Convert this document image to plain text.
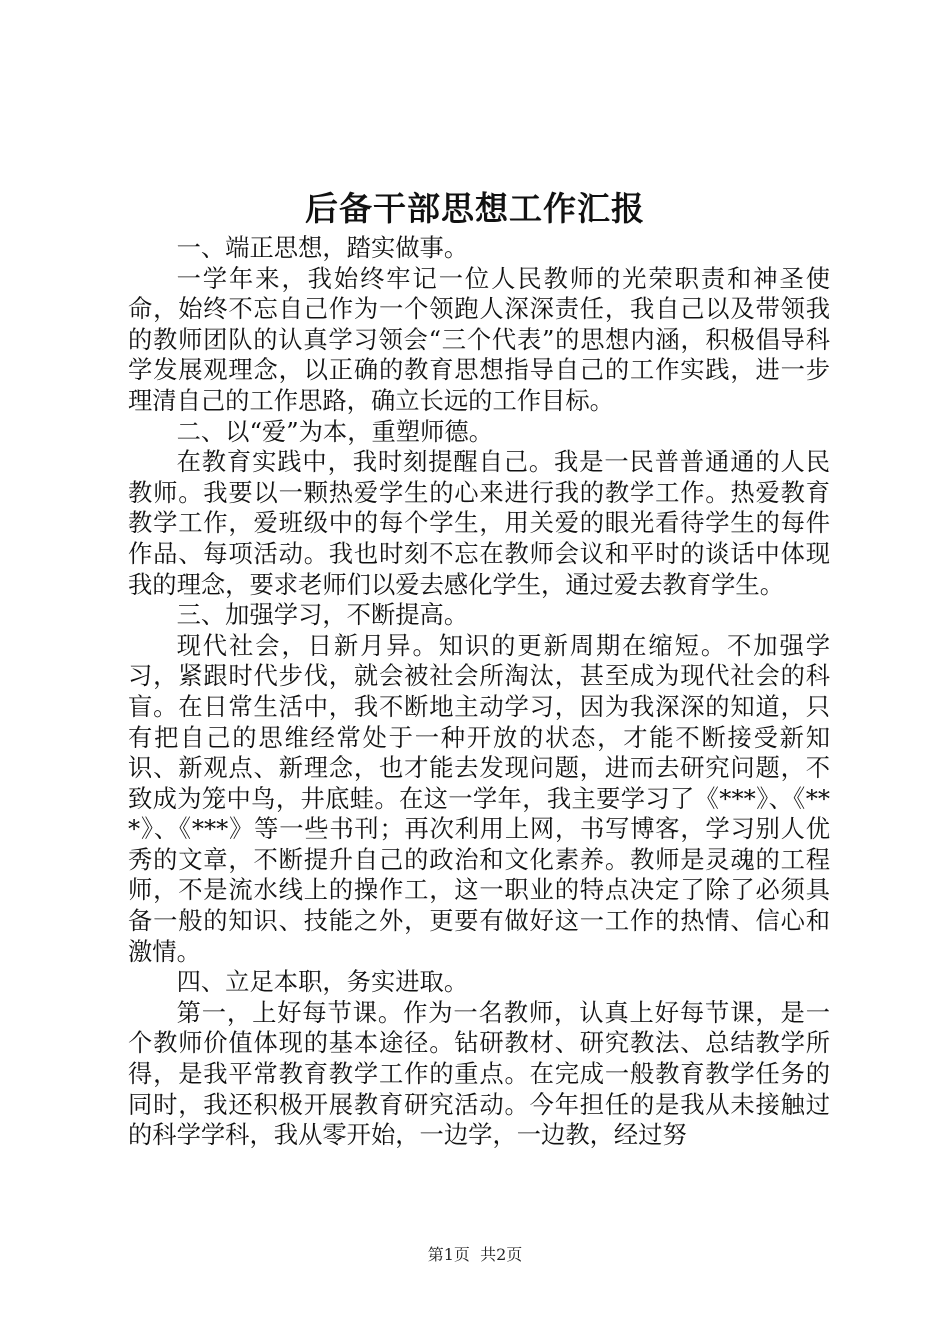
后备干部思想工作汇报

一、端正思想，踏实做事。

一学年来，我始终牢记一位人民教师的光荣职责和神圣使命，始终不忘自己作为一个领跑人深深责任，我自己以及带领我的教师团队的认真学习领会“三个代表”的思想内涵，积极倡导科学发展观理念，以正确的教育思想指导自己的工作实践，进一步理清自己的工作思路，确立长远的工作目标。

二、以“爱”为本，重塑师德。

在教育实践中，我时刻提醒自己。我是一民普普通通的人民教师。我要以一颗热爱学生的心来进行我的教学工作。热爱教育教学工作，爱班级中的每个学生，用关爱的眼光看待学生的每件作品、每项活动。我也时刻不忘在教师会议和平时的谈话中体现我的理念，要求老师们以爱去感化学生，通过爱去教育学生。

三、加强学习，不断提高。

现代社会，日新月异。知识的更新周期在缩短。不加强学习，紧跟时代步伐，就会被社会所淘汰，甚至成为现代社会的科盲。在日常生活中，我不断地主动学习，因为我深深的知道，只有把自己的思维经常处于一种开放的状态，才能不断接受新知识、新观点、新理念，也才能去发现问题，进而去研究问题，不致成为笼中鸟，井底蛙。在这一学年，我主要学习了《***》、《***》、《***》等一些书刊；再次利用上网，书写博客，学习别人优秀的文章，不断提升自己的政治和文化素养。教师是灵魂的工程师，不是流水线上的操作工，这一职业的特点决定了除了必须具备一般的知识、技能之外，更要有做好这一工作的热情、信心和激情。

四、立足本职，务实进取。

第一，上好每节课。作为一名教师，认真上好每节课，是一个教师价值体现的基本途径。钻研教材、研究教法、总结教学所得，是我平常教育教学工作的重点。在完成一般教育教学任务的同时，我还积极开展教育研究活动。今年担任的是我从未接触过的科学学科，我从零开始，一边学，一边教，经过努

第1页  共2页
